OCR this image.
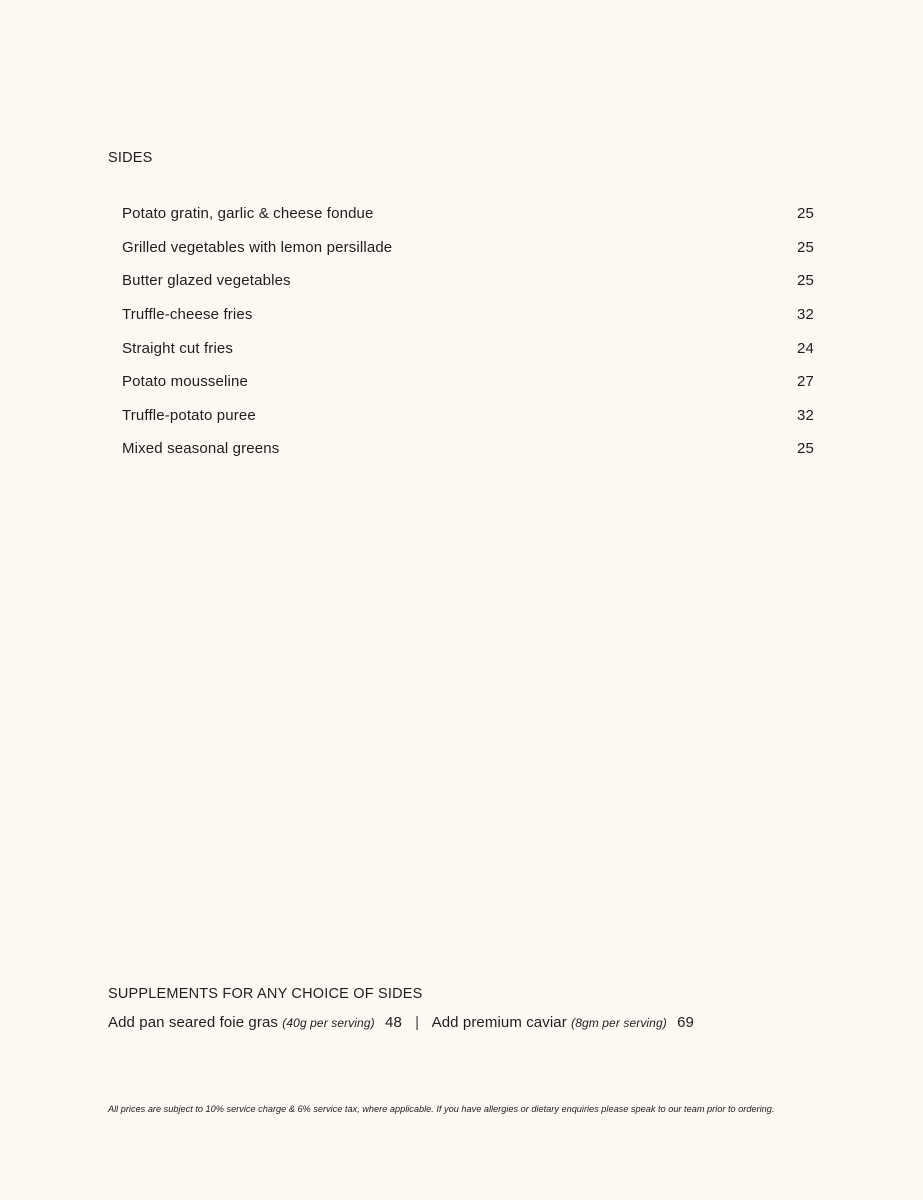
SIDES
Potato gratin, garlic & cheese fondue	25
Grilled vegetables with lemon persillade	25
Butter glazed vegetables	25
Truffle-cheese fries	32
Straight cut fries	24
Potato mousseline	27
Truffle-potato puree	32
Mixed seasonal greens	25
SUPPLEMENTS FOR ANY CHOICE OF SIDES
Add pan seared foie gras (40g per serving) 48 | Add premium caviar (8gm per serving) 69

All prices are subject to 10% service charge & 6% service tax, where applicable. If you have allergies or dietary enquiries please speak to our team prior to ordering.
